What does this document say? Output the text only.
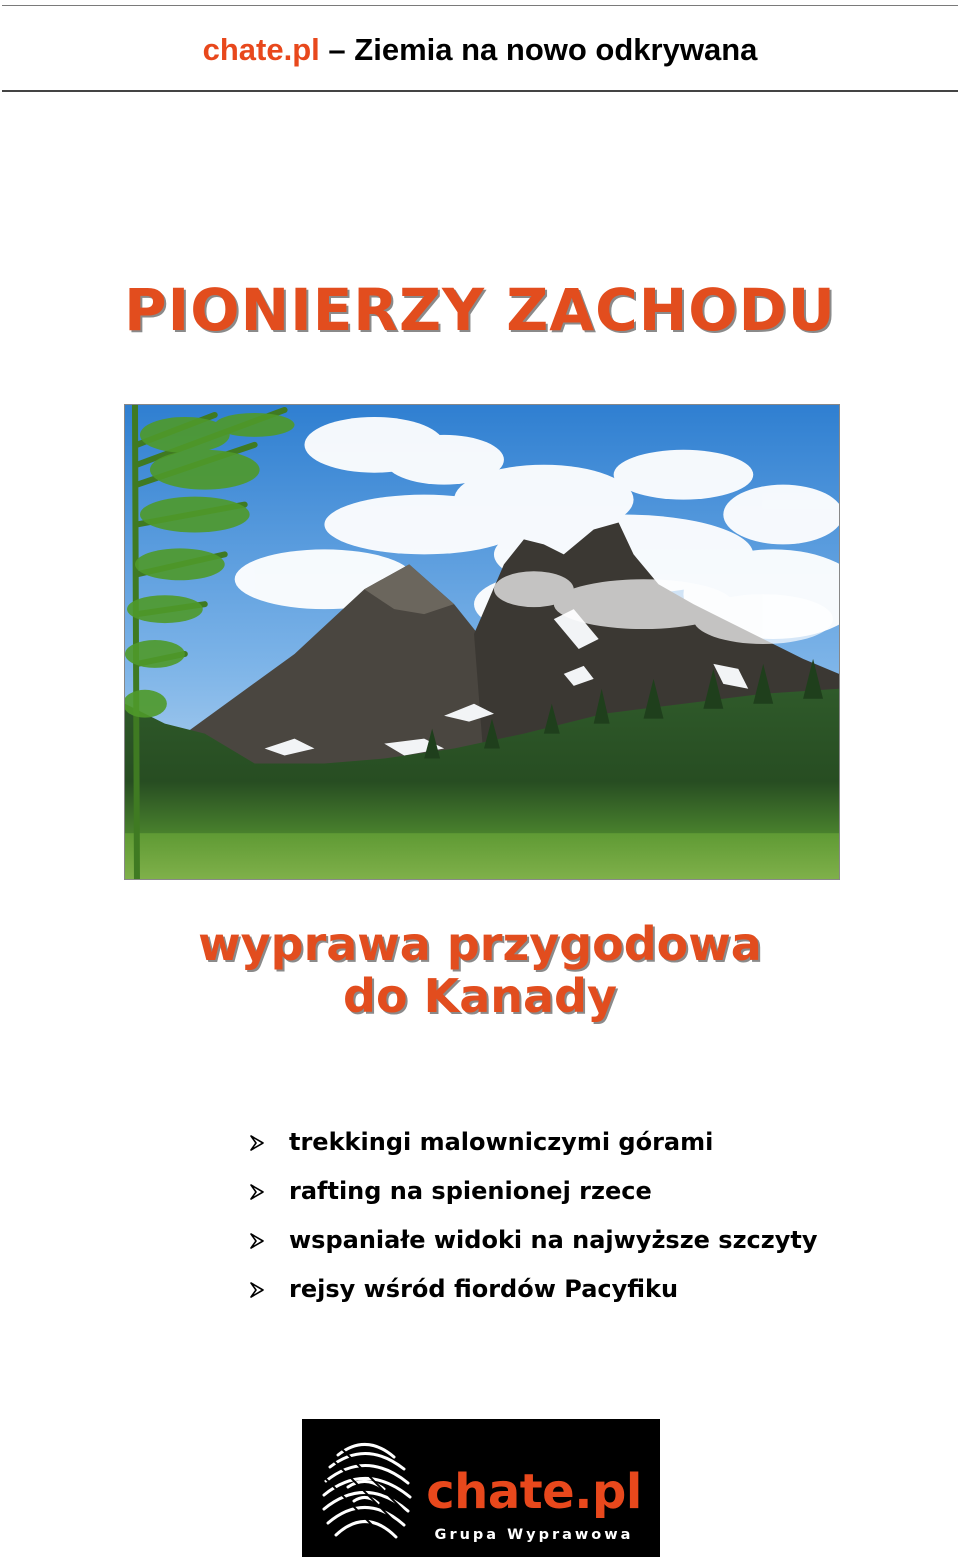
chate.pl – Ziemia na nowo odkrywana
PIONIERZY ZACHODU
wyprawa przygodowa
do Kanady
trekkingi malowniczymi górami
rafting na spienionej rzece
wspaniałe widoki na najwyższe szczyty
rejsy wśród fiordów Pacyfiku
chate.pl
Grupa Wyprawowa
